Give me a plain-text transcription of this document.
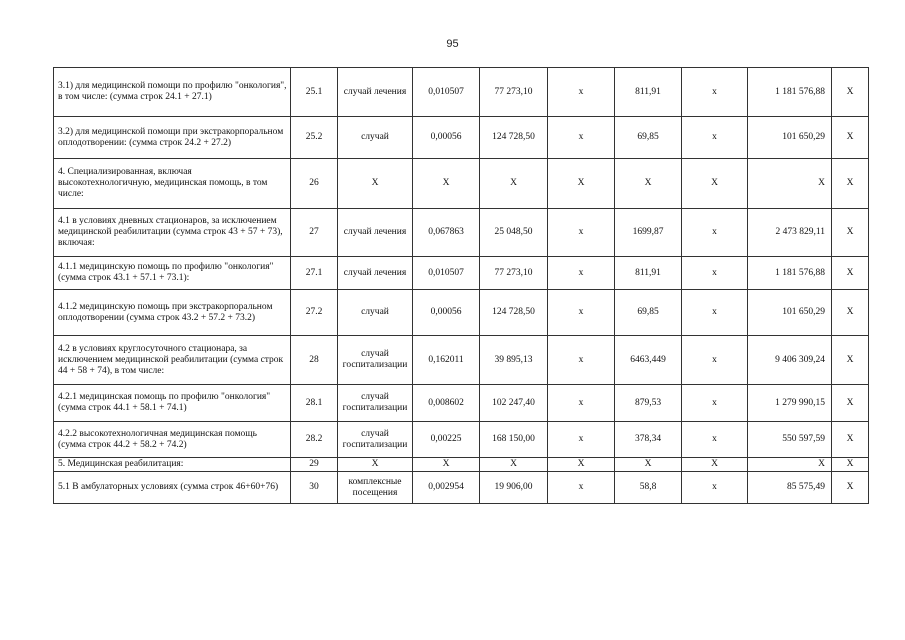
95
3.1) для медицинской помощи по профилю "онкология", в том числе: (сумма строк 24.1 + 27.1)	25.1	случай лечения	0,010507	77 273,10	х	811,91	х	1 181 576,88	Х
3.2) для медицинской помощи при экстракорпоральном оплодотворении: (сумма строк 24.2 + 27.2)	25.2	случай	0,00056	124 728,50	х	69,85	х	101 650,29	Х
4. Специализированная, включая высокотехнологичную, медицинская помощь, в том числе:	26	Х	Х	Х	Х	Х	Х	Х	Х
4.1 в условиях дневных стационаров, за исключением медицинской реабилитации (сумма строк 43 + 57 + 73), включая:	27	случай лечения	0,067863	25 048,50	х	1699,87	х	2 473 829,11	Х
4.1.1 медицинскую помощь по профилю "онкология" (сумма строк 43.1 + 57.1 + 73.1):	27.1	случай лечения	0,010507	77 273,10	х	811,91	х	1 181 576,88	Х
4.1.2 медицинскую помощь при экстракорпоральном оплодотворении (сумма строк 43.2 + 57.2 + 73.2)	27.2	случай	0,00056	124 728,50	х	69,85	х	101 650,29	Х
4.2 в условиях круглосуточного стационара, за исключением медицинской реабилитации (сумма строк 44 + 58 + 74), в том числе:	28	случай госпитализации	0,162011	39 895,13	х	6463,449	х	9 406 309,24	Х
4.2.1 медицинская помощь по профилю "онкология" (сумма строк 44.1 + 58.1 + 74.1)	28.1	случай госпитализации	0,008602	102 247,40	х	879,53	х	1 279 990,15	Х
4.2.2 высокотехнологичная медицинская помощь (сумма строк 44.2 + 58.2 + 74.2)	28.2	случай госпитализации	0,00225	168 150,00	х	378,34	х	550 597,59	Х
5. Медицинская реабилитация:	29	Х	Х	Х	Х	Х	Х	Х	Х
5.1 В амбулаторных условиях (сумма строк 46+60+76)	30	комплексные посещения	0,002954	19 906,00	х	58,8	х	85 575,49	Х
